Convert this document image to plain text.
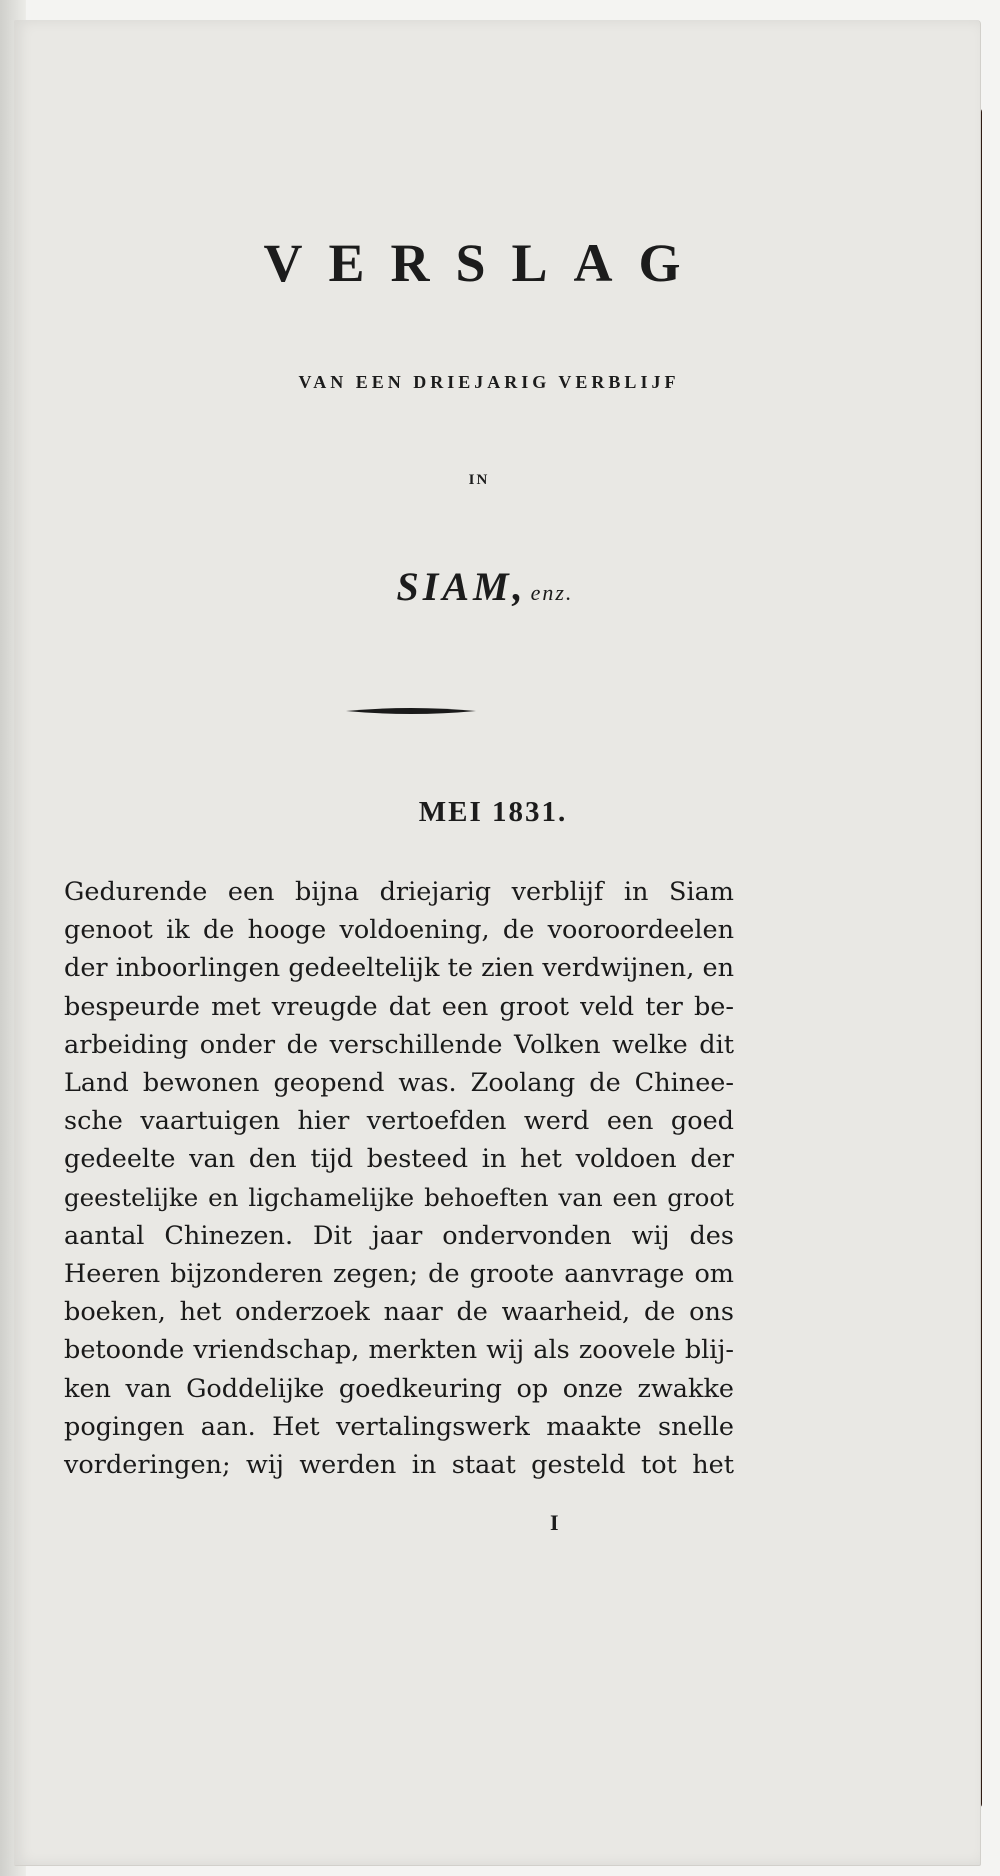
VERSLAG
VAN EEN DRIEJARIG VERBLIJF
IN
SIAM, enz.
MEI 1831.
Gedurende een bijna driejarig verblijf in Siam
genoot ik de hooge voldoening, de vooroordeelen
der inboorlingen gedeeltelijk te zien verdwijnen, en
bespeurde met vreugde dat een groot veld ter be-
arbeiding onder de verschillende Volken welke dit
Land bewonen geopend was. Zoolang de Chinee-
sche vaartuigen hier vertoefden werd een goed
gedeelte van den tijd besteed in het voldoen der
geestelijke en ligchamelijke behoeften van een groot
aantal Chinezen. Dit jaar ondervonden wij des
Heeren bijzonderen zegen; de groote aanvrage om
boeken, het onderzoek naar de waarheid, de ons
betoonde vriendschap, merkten wij als zoovele blij-
ken van Goddelijke goedkeuring op onze zwakke
pogingen aan. Het vertalingswerk maakte snelle
vorderingen; wij werden in staat gesteld tot het
I
